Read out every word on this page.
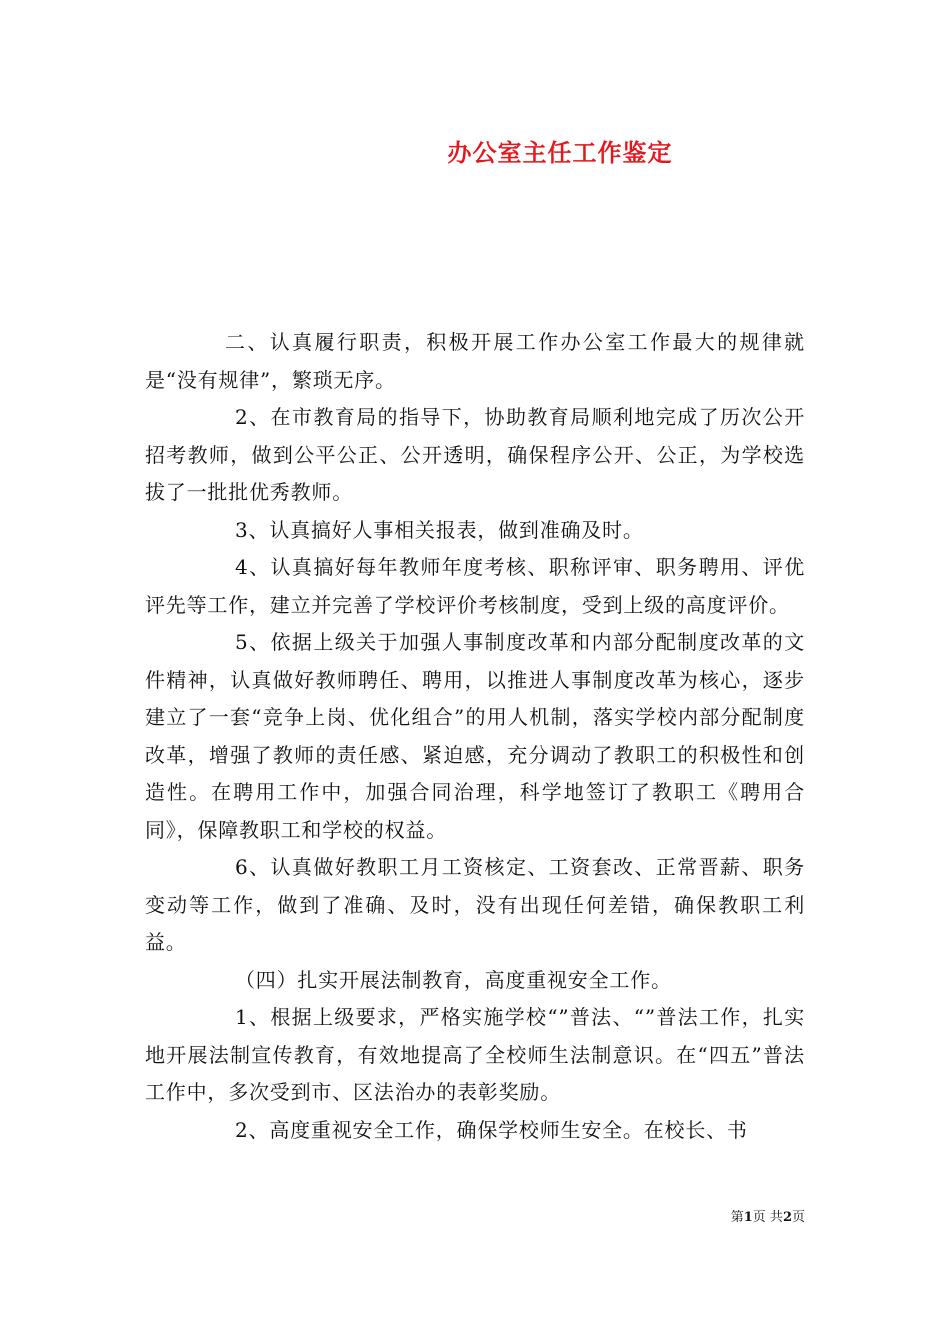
办公室主任工作鉴定

二、认真履行职责，积极开展工作办公室工作最大的规律就是“没有规律”，繁琐无序。

2、在市教育局的指导下，协助教育局顺利地完成了历次公开招考教师，做到公平公正、公开透明，确保程序公开、公正，为学校选拔了一批批优秀教师。

3、认真搞好人事相关报表，做到准确及时。

4、认真搞好每年教师年度考核、职称评审、职务聘用、评优评先等工作，建立并完善了学校评价考核制度，受到上级的高度评价。

5、依据上级关于加强人事制度改革和内部分配制度改革的文件精神，认真做好教师聘任、聘用，以推进人事制度改革为核心，逐步建立了一套“竞争上岗、优化组合”的用人机制，落实学校内部分配制度改革，增强了教师的责任感、紧迫感，充分调动了教职工的积极性和创造性。在聘用工作中，加强合同治理，科学地签订了教职工《聘用合同》，保障教职工和学校的权益。

6、认真做好教职工月工资核定、工资套改、正常晋薪、职务变动等工作，做到了准确、及时，没有出现任何差错，确保教职工利益。

（四）扎实开展法制教育，高度重视安全工作。

1、根据上级要求，严格实施学校“”普法、“”普法工作，扎实地开展法制宣传教育，有效地提高了全校师生法制意识。在“四五”普法工作中，多次受到市、区法治办的表彰奖励。

2、高度重视安全工作，确保学校师生安全。在校长、书

第1页 共2页
